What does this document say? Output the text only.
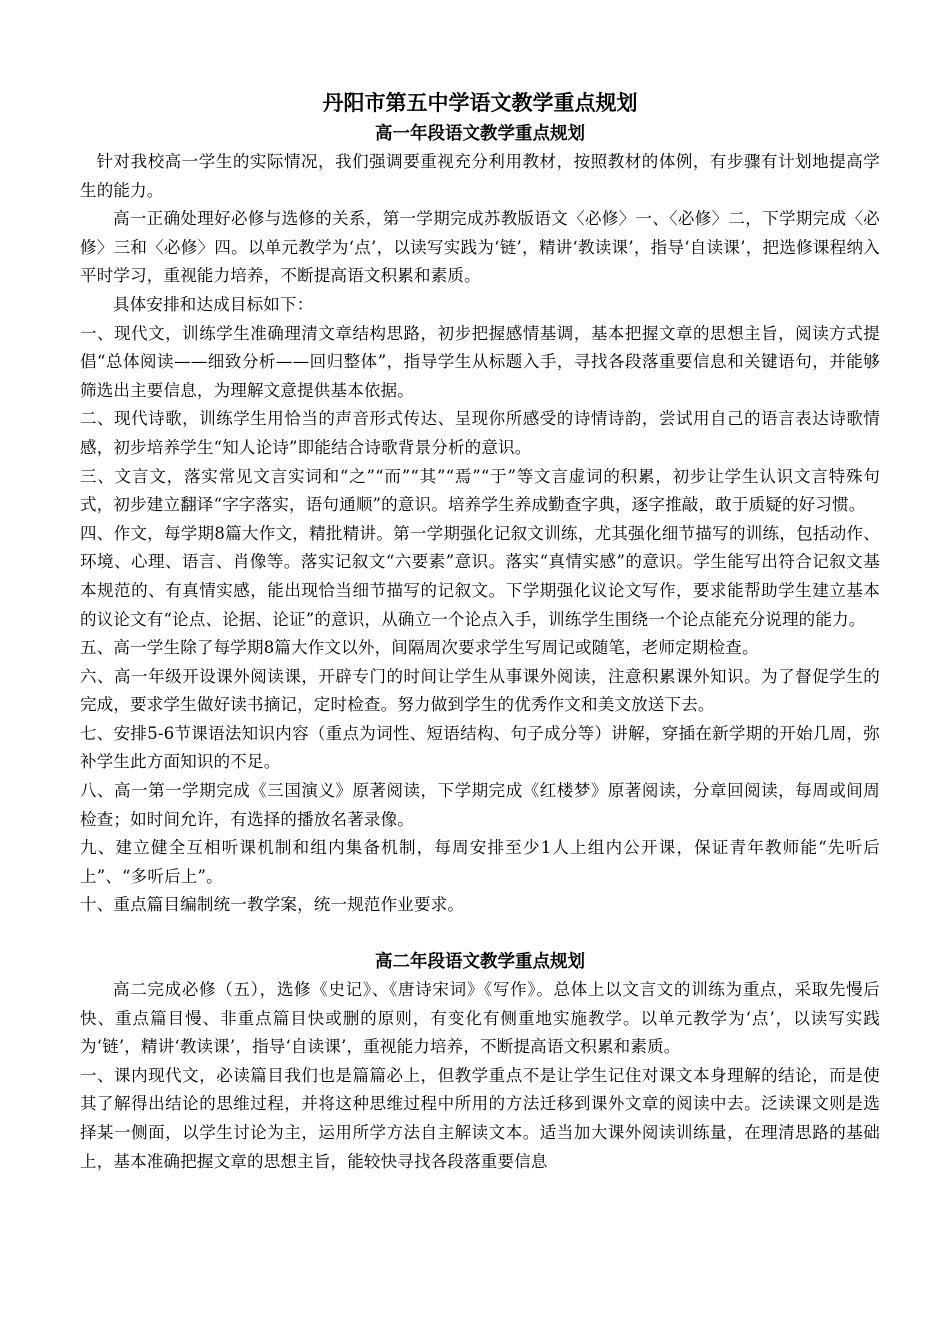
丹阳市第五中学语文教学重点规划
高一年段语文教学重点规划

针对我校高一学生的实际情况，我们强调要重视充分利用教材，按照教材的体例，有步骤有计划地提高学生的能力。

高一正确处理好必修与选修的关系，第一学期完成苏教版语文〈必修〉一、〈必修〉二，下学期完成〈必修〉三和〈必修〉四。以单元教学为‘点’，以读写实践为‘链’，精讲‘教读课’，指导‘自读课’，把选修课程纳入平时学习，重视能力培养，不断提高语文积累和素质。

具体安排和达成目标如下：

一、现代文，训练学生准确理清文章结构思路，初步把握感情基调，基本把握文章的思想主旨，阅读方式提倡“总体阅读——细致分析——回归整体”，指导学生从标题入手，寻找各段落重要信息和关键语句，并能够筛选出主要信息，为理解文意提供基本依据。

二、现代诗歌，训练学生用恰当的声音形式传达、呈现你所感受的诗情诗韵，尝试用自己的语言表达诗歌情感，初步培养学生“知人论诗”即能结合诗歌背景分析的意识。

三、文言文，落实常见文言实词和“之”“而”“其”“焉”“于”等文言虚词的积累，初步让学生认识文言特殊句式，初步建立翻译“字字落实，语句通顺”的意识。培养学生养成勤查字典，逐字推敲，敢于质疑的好习惯。

四、作文，每学期8篇大作文，精批精讲。第一学期强化记叙文训练，尤其强化细节描写的训练，包括动作、环境、心理、语言、肖像等。落实记叙文“六要素”意识。落实“真情实感”的意识。学生能写出符合记叙文基本规范的、有真情实感，能出现恰当细节描写的记叙文。下学期强化议论文写作，要求能帮助学生建立基本的议论文有“论点、论据、论证”的意识，从确立一个论点入手，训练学生围绕一个论点能充分说理的能力。

五、高一学生除了每学期8篇大作文以外，间隔周次要求学生写周记或随笔，老师定期检查。

六、高一年级开设课外阅读课，开辟专门的时间让学生从事课外阅读，注意积累课外知识。为了督促学生的完成，要求学生做好读书摘记，定时检查。努力做到学生的优秀作文和美文放送下去。

七、安排5-6节课语法知识内容（重点为词性、短语结构、句子成分等）讲解，穿插在新学期的开始几周，弥补学生此方面知识的不足。

八、高一第一学期完成《三国演义》原著阅读，下学期完成《红楼梦》原著阅读，分章回阅读，每周或间周检查；如时间允许，有选择的播放名著录像。

九、建立健全互相听课机制和组内集备机制，每周安排至少1人上组内公开课，保证青年教师能“先听后上”、“多听后上”。

十、重点篇目编制统一教学案，统一规范作业要求。

高二年段语文教学重点规划

高二完成必修（五），选修《史记》、《唐诗宋词》《写作》。总体上以文言文的训练为重点，采取先慢后快、重点篇目慢、非重点篇目快或删的原则，有变化有侧重地实施教学。以单元教学为‘点’，以读写实践为‘链’，精讲‘教读课’，指导‘自读课’，重视能力培养，不断提高语文积累和素质。

一、课内现代文，必读篇目我们也是篇篇必上，但教学重点不是让学生记住对课文本身理解的结论，而是使其了解得出结论的思维过程，并将这种思维过程中所用的方法迁移到课外文章的阅读中去。泛读课文则是选择某一侧面，以学生讨论为主，运用所学方法自主解读文本。适当加大课外阅读训练量，在理清思路的基础上，基本准确把握文章的思想主旨，能较快寻找各段落重要信息
